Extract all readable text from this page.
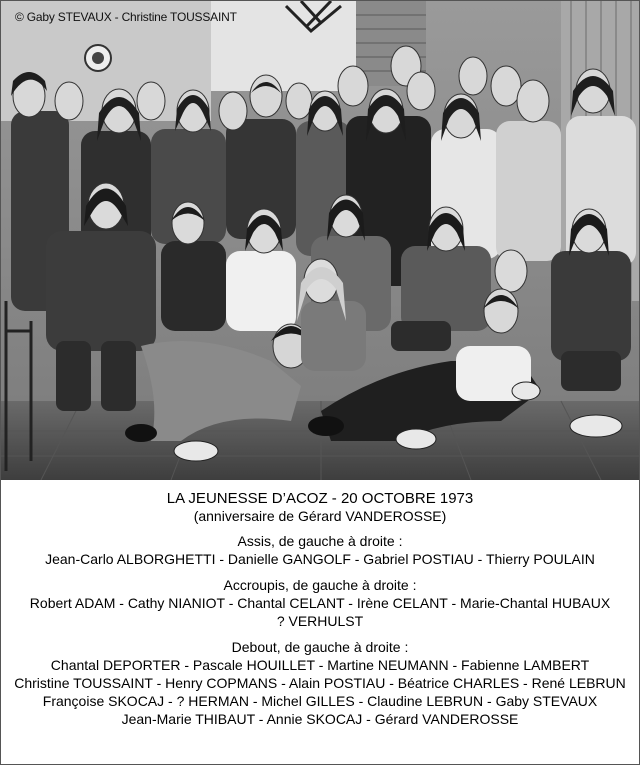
© Gaby STEVAUX - Christine TOUSSAINT

LA JEUNESSE D’ACOZ - 20 OCTOBRE 1973

(anniversaire de Gérard VANDEROSSE)

Assis, de gauche à droite :

Jean-Carlo ALBORGHETTI - Danielle GANGOLF - Gabriel POSTIAU - Thierry POULAIN

Accroupis, de gauche à droite :

Robert ADAM - Cathy NIANIOT - Chantal CELANT - Irène CELANT - Marie-Chantal HUBAUX

? VERHULST

Debout, de gauche à droite :

Chantal DEPORTER - Pascale HOUILLET - Martine NEUMANN - Fabienne LAMBERT

Christine TOUSSAINT - Henry COPMANS - Alain POSTIAU - Béatrice CHARLES - René LEBRUN

Françoise SKOCAJ - ? HERMAN - Michel GILLES - Claudine LEBRUN - Gaby STEVAUX

Jean-Marie THIBAUT - Annie SKOCAJ - Gérard VANDEROSSE
